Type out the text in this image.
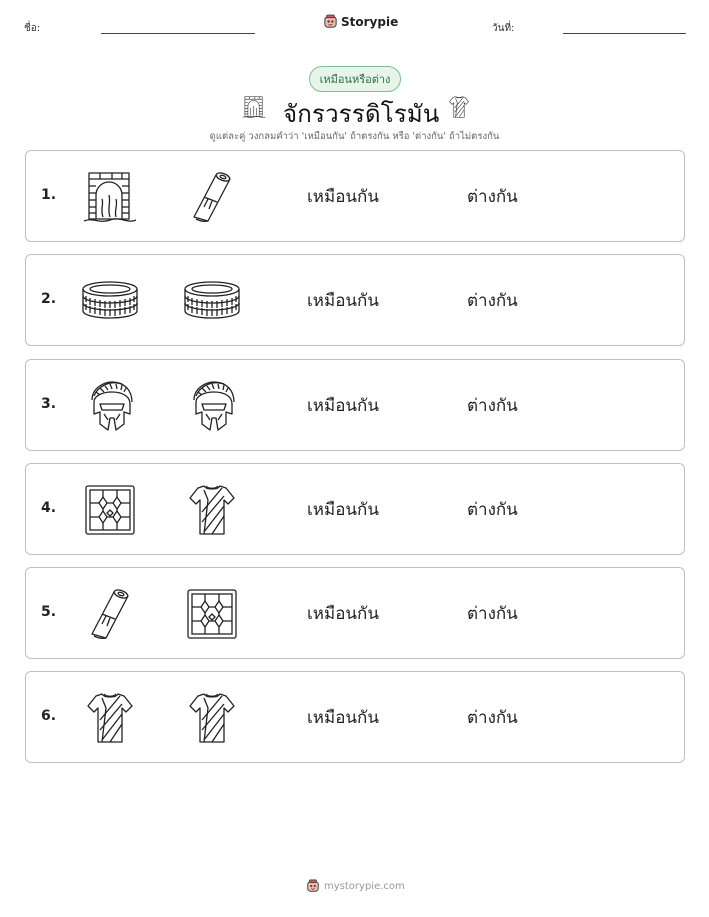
ชื่อ:	Storypie	วันที่:
เหมือนหรือต่าง
จักรวรรดิโรมัน
ดูแต่ละคู่ วงกลมคำว่า 'เหมือนกัน' ถ้าตรงกัน หรือ 'ต่างกัน' ถ้าไม่ตรงกัน
1.	เหมือนกัน	ต่างกัน
2.	เหมือนกัน	ต่างกัน
3.	เหมือนกัน	ต่างกัน
4.	เหมือนกัน	ต่างกัน
5.	เหมือนกัน	ต่างกัน
6.	เหมือนกัน	ต่างกัน
mystorypie.com
